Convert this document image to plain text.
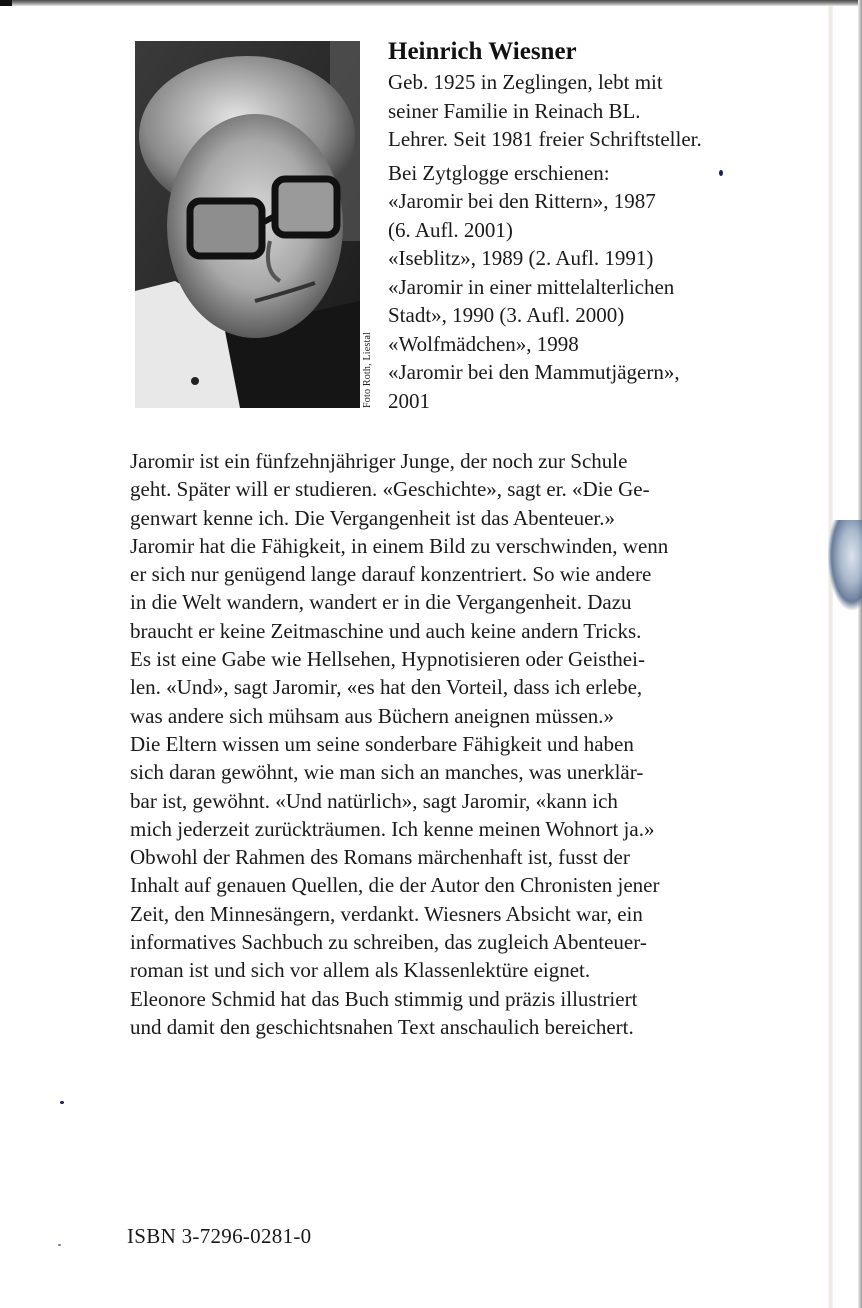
Foto Roth, Liestal
Heinrich Wiesner
Geb. 1925 in Zeglingen, lebt mit
seiner Familie in Reinach BL.
Lehrer. Seit 1981 freier Schriftsteller.
Bei Zytglogge erschienen:
«Jaromir bei den Rittern», 1987
(6. Aufl. 2001)
«Iseblitz», 1989 (2. Aufl. 1991)
«Jaromir in einer mittelalterlichen
Stadt», 1990 (3. Aufl. 2000)
«Wolfmädchen», 1998
«Jaromir bei den Mammutjägern»,
2001
Jaromir ist ein fünfzehnjähriger Junge, der noch zur Schule
geht. Später will er studieren. «Geschichte», sagt er. «Die Ge-
genwart kenne ich. Die Vergangenheit ist das Abenteuer.»
Jaromir hat die Fähigkeit, in einem Bild zu verschwinden, wenn
er sich nur genügend lange darauf konzentriert. So wie andere
in die Welt wandern, wandert er in die Vergangenheit. Dazu
braucht er keine Zeitmaschine und auch keine andern Tricks.
Es ist eine Gabe wie Hellsehen, Hypnotisieren oder Geisthei-
len. «Und», sagt Jaromir, «es hat den Vorteil, dass ich erlebe,
was andere sich mühsam aus Büchern aneignen müssen.»
Die Eltern wissen um seine sonderbare Fähigkeit und haben
sich daran gewöhnt, wie man sich an manches, was unerklär-
bar ist, gewöhnt. «Und natürlich», sagt Jaromir, «kann ich
mich jederzeit zurückträumen. Ich kenne meinen Wohnort ja.»
Obwohl der Rahmen des Romans märchenhaft ist, fusst der
Inhalt auf genauen Quellen, die der Autor den Chronisten jener
Zeit, den Minnesängern, verdankt. Wiesners Absicht war, ein
informatives Sachbuch zu schreiben, das zugleich Abenteuer-
roman ist und sich vor allem als Klassenlektüre eignet.
Eleonore Schmid hat das Buch stimmig und präzis illustriert
und damit den geschichtsnahen Text anschaulich bereichert.
ISBN 3-7296-0281-0
